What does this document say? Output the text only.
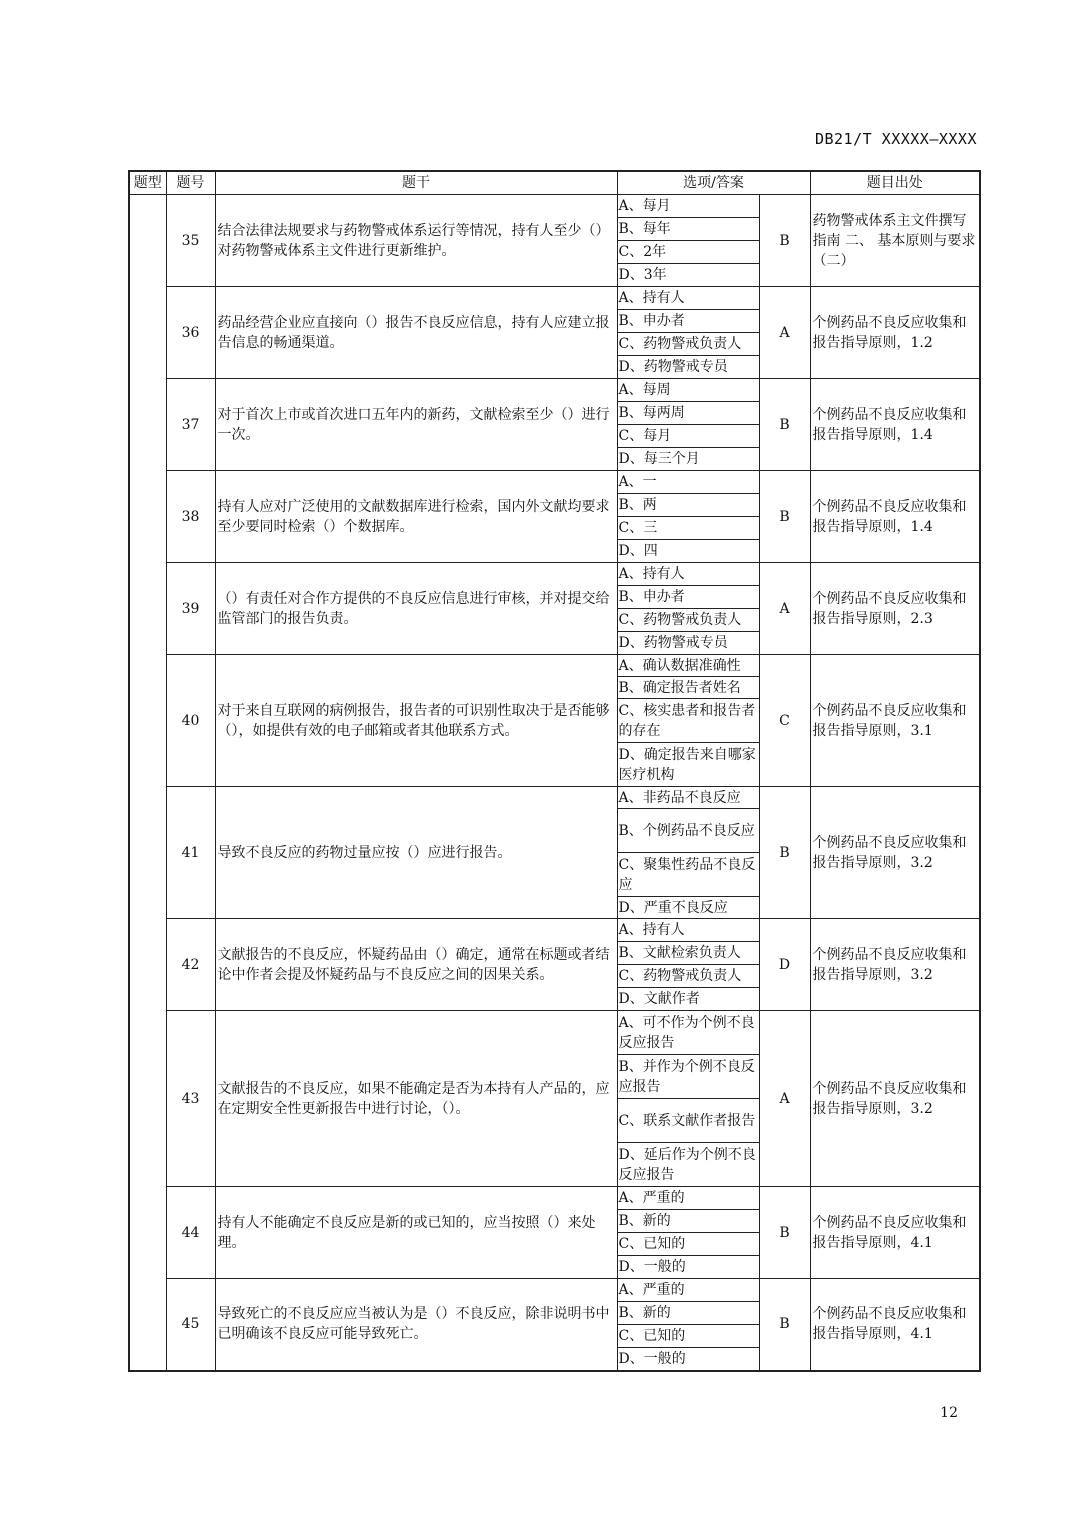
DB21/T XXXXX—XXXX
题型	题号	题干	选项/答案		题目出处
	35	结合法律法规要求与药物警戒体系运行等情况，持有人至少（）对药物警戒体系主文件进行更新维护。	A、每月	B	药物警戒体系主文件撰写指南 二、 基本原则与要求 （二）
			B、每年		
			C、2年		
			D、3年		
	36	药品经营企业应直接向（）报告不良反应信息，持有人应建立报告信息的畅通渠道。	A、持有人	A	个例药品不良反应收集和报告指导原则，1.2
			B、申办者		
			C、药物警戒负责人		
			D、药物警戒专员		
	37	对于首次上市或首次进口五年内的新药，文献检索至少（）进行一次。	A、每周	B	个例药品不良反应收集和报告指导原则，1.4
			B、每两周		
			C、每月		
			D、每三个月		
	38	持有人应对广泛使用的文献数据库进行检索，国内外文献均要求至少要同时检索（）个数据库。	A、一	B	个例药品不良反应收集和报告指导原则，1.4
			B、两		
			C、三		
			D、四		
	39	（）有责任对合作方提供的不良反应信息进行审核，并对提交给监管部门的报告负责。	A、持有人	A	个例药品不良反应收集和报告指导原则，2.3
			B、申办者		
			C、药物警戒负责人		
			D、药物警戒专员		
	40	对于来自互联网的病例报告，报告者的可识别性取决于是否能够（），如提供有效的电子邮箱或者其他联系方式。	A、确认数据准确性	C	个例药品不良反应收集和报告指导原则，3.1
			B、确定报告者姓名		
			C、核实患者和报告者的存在		
			D、确定报告来自哪家医疗机构		
	41	导致不良反应的药物过量应按（）应进行报告。	A、非药品不良反应	B	个例药品不良反应收集和报告指导原则，3.2
			B、个例药品不良反应		
			C、聚集性药品不良反应		
			D、严重不良反应		
	42	文献报告的不良反应，怀疑药品由（）确定，通常在标题或者结论中作者会提及怀疑药品与不良反应之间的因果关系。	A、持有人	D	个例药品不良反应收集和报告指导原则，3.2
			B、文献检索负责人		
			C、药物警戒负责人		
			D、文献作者		
	43	文献报告的不良反应，如果不能确定是否为本持有人产品的，应在定期安全性更新报告中进行讨论，（）。	A、可不作为个例不良反应报告	A	个例药品不良反应收集和报告指导原则，3.2
			B、并作为个例不良反应报告		
			C、联系文献作者报告		
			D、延后作为个例不良反应报告		
	44	持有人不能确定不良反应是新的或已知的，应当按照（）来处理。	A、严重的	B	个例药品不良反应收集和报告指导原则，4.1
			B、新的		
			C、已知的		
			D、一般的		
	45	导致死亡的不良反应应当被认为是（）不良反应，除非说明书中已明确该不良反应可能导致死亡。	A、严重的	B	个例药品不良反应收集和报告指导原则，4.1
			B、新的		
			C、已知的		
			D、一般的		
12
